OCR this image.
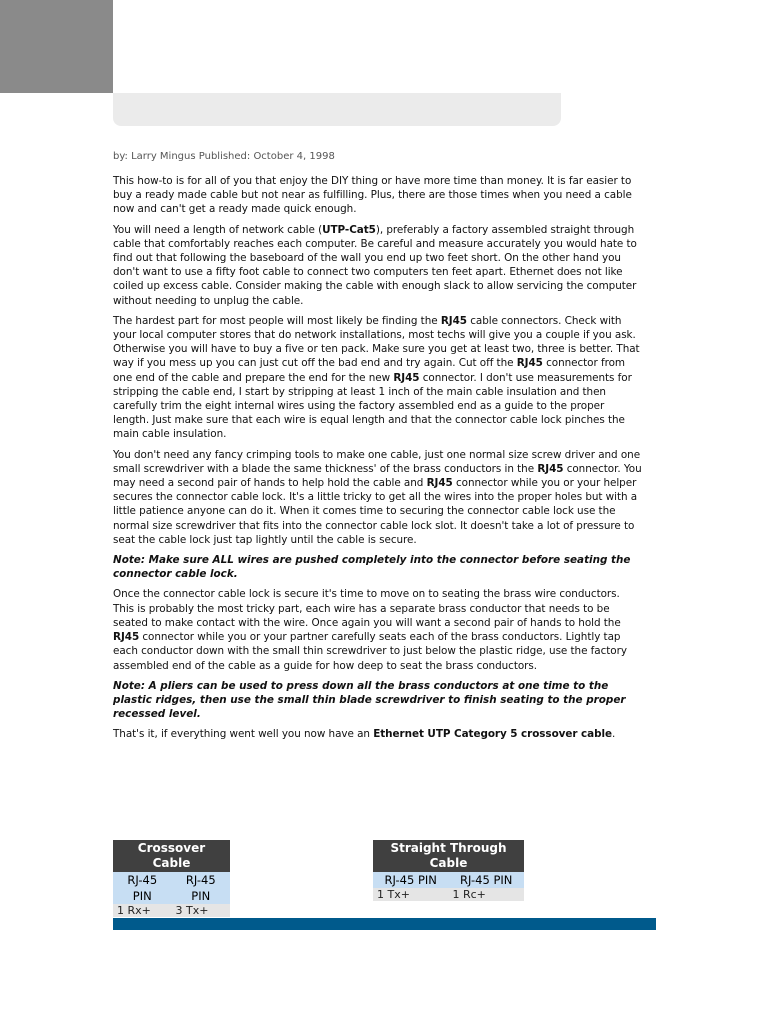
by: Larry Mingus Published: October 4, 1998

This how-to is for all of you that enjoy the DIY thing or have more time than money. It is far easier to buy a ready made cable but not near as fulfilling. Plus, there are those times when you need a cable now and can't get a ready made quick enough.

You will need a length of network cable (UTP-Cat5), preferably a factory assembled straight through cable that comfortably reaches each computer. Be careful and measure accurately you would hate to find out that following the baseboard of the wall you end up two feet short. On the other hand you don't want to use a fifty foot cable to connect two computers ten feet apart. Ethernet does not like coiled up excess cable. Consider making the cable with enough slack to allow servicing the computer without needing to unplug the cable.

The hardest part for most people will most likely be finding the RJ45 cable connectors. Check with your local computer stores that do network installations, most techs will give you a couple if you ask. Otherwise you will have to buy a five or ten pack. Make sure you get at least two, three is better. That way if you mess up you can just cut off the bad end and try again. Cut off the RJ45 connector from one end of the cable and prepare the end for the new RJ45 connector. I don't use measurements for stripping the cable end, I start by stripping at least 1 inch of the main cable insulation and then carefully trim the eight internal wires using the factory assembled end as a guide to the proper length. Just make sure that each wire is equal length and that the connector cable lock pinches the main cable insulation.

You don't need any fancy crimping tools to make one cable, just one normal size screw driver and one small screwdriver with a blade the same thickness' of the brass conductors in the RJ45 connector. You may need a second pair of hands to help hold the cable and RJ45 connector while you or your helper secures the connector cable lock. It's a little tricky to get all the wires into the proper holes but with a little patience anyone can do it. When it comes time to securing the connector cable lock use the normal size screwdriver that fits into the connector cable lock slot. It doesn't take a lot of pressure to seat the cable lock just tap lightly until the cable is secure.

Note: Make sure ALL wires are pushed completely into the connector before seating the connector cable lock.

Once the connector cable lock is secure it's time to move on to seating the brass wire conductors. This is probably the most tricky part, each wire has a separate brass conductor that needs to be seated to make contact with the wire. Once again you will want a second pair of hands to hold the RJ45 connector while you or your partner carefully seats each of the brass conductors. Lightly tap each conductor down with the small thin screwdriver to just below the plastic ridge, use the factory assembled end of the cable as a guide for how deep to seat the brass conductors.

Note: A pliers can be used to press down all the brass conductors at one time to the plastic ridges, then use the small thin blade screwdriver to finish seating to the proper recessed level.

That's it, if everything went well you now have an Ethernet UTP Category 5 crossover cable.

Crossover Cable	
RJ-45 PIN	RJ-45 PIN
1 Rx+	3 Tx+
Straight Through Cable	
RJ-45 PIN	RJ-45 PIN
1 Tx+	1 Rc+
